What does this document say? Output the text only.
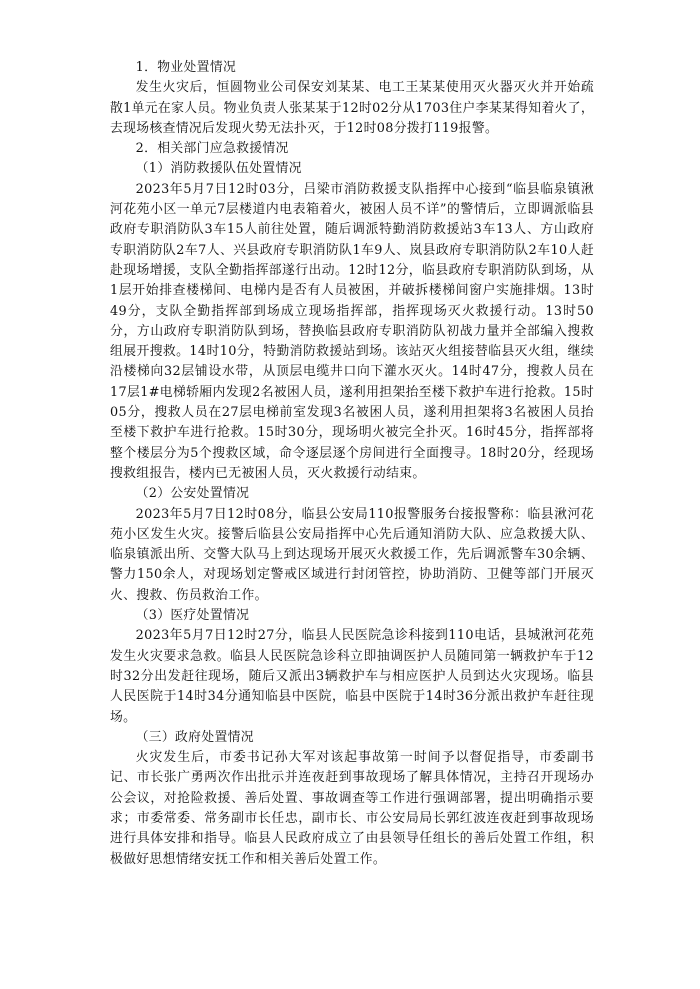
1．物业处置情况

发生火灾后，恒圆物业公司保安刘某某、电工王某某使用灭火器灭火并开始疏散1单元在家人员。物业负责人张某某于12时02分从1703住户李某某得知着火了，去现场核查情况后发现火势无法扑灭，于12时08分拨打119报警。

2．相关部门应急救援情况

（1）消防救援队伍处置情况

2023年5月7日12时03分，吕梁市消防救援支队指挥中心接到“临县临泉镇湫河花苑小区一单元7层楼道内电表箱着火，被困人员不详”的警情后，立即调派临县政府专职消防队3车15人前往处置，随后调派特勤消防救援站3车13人、方山政府专职消防队2车7人、兴县政府专职消防队1车9人、岚县政府专职消防队2车10人赶赴现场增援，支队全勤指挥部遂行出动。12时12分，临县政府专职消防队到场，从1层开始排查楼梯间、电梯内是否有人员被困，并破拆楼梯间窗户实施排烟。13时49分，支队全勤指挥部到场成立现场指挥部，指挥现场灭火救援行动。13时50分，方山政府专职消防队到场，替换临县政府专职消防队初战力量并全部编入搜救组展开搜救。14时10分，特勤消防救援站到场。该站灭火组接替临县灭火组，继续沿楼梯向32层铺设水带，从顶层电缆井口向下灌水灭火。14时47分，搜救人员在17层1#电梯轿厢内发现2名被困人员，遂利用担架抬至楼下救护车进行抢救。15时05分，搜救人员在27层电梯前室发现3名被困人员，遂利用担架将3名被困人员抬至楼下救护车进行抢救。15时30分，现场明火被完全扑灭。16时45分，指挥部将整个楼层分为5个搜救区域，命令逐层逐个房间进行全面搜寻。18时20分，经现场搜救组报告，楼内已无被困人员，灭火救援行动结束。

（2）公安处置情况

2023年5月7日12时08分，临县公安局110报警服务台接报警称：临县湫河花苑小区发生火灾。接警后临县公安局指挥中心先后通知消防大队、应急救援大队、临泉镇派出所、交警大队马上到达现场开展灭火救援工作，先后调派警车30余辆、警力150余人，对现场划定警戒区域进行封闭管控，协助消防、卫健等部门开展灭火、搜救、伤员救治工作。

（3）医疗处置情况

2023年5月7日12时27分，临县人民医院急诊科接到110电话，县城湫河花苑发生火灾要求急救。临县人民医院急诊科立即抽调医护人员随同第一辆救护车于12时32分出发赶往现场，随后又派出3辆救护车与相应医护人员到达火灾现场。临县人民医院于14时34分通知临县中医院，临县中医院于14时36分派出救护车赶往现场。

（三）政府处置情况

火灾发生后，市委书记孙大军对该起事故第一时间予以督促指导，市委副书记、市长张广勇两次作出批示并连夜赶到事故现场了解具体情况，主持召开现场办公会议，对抢险救援、善后处置、事故调查等工作进行强调部署，提出明确指示要求；市委常委、常务副市长任忠，副市长、市公安局局长郭红波连夜赶到事故现场进行具体安排和指导。临县人民政府成立了由县领导任组长的善后处置工作组，积极做好思想情绪安抚工作和相关善后处置工作。
